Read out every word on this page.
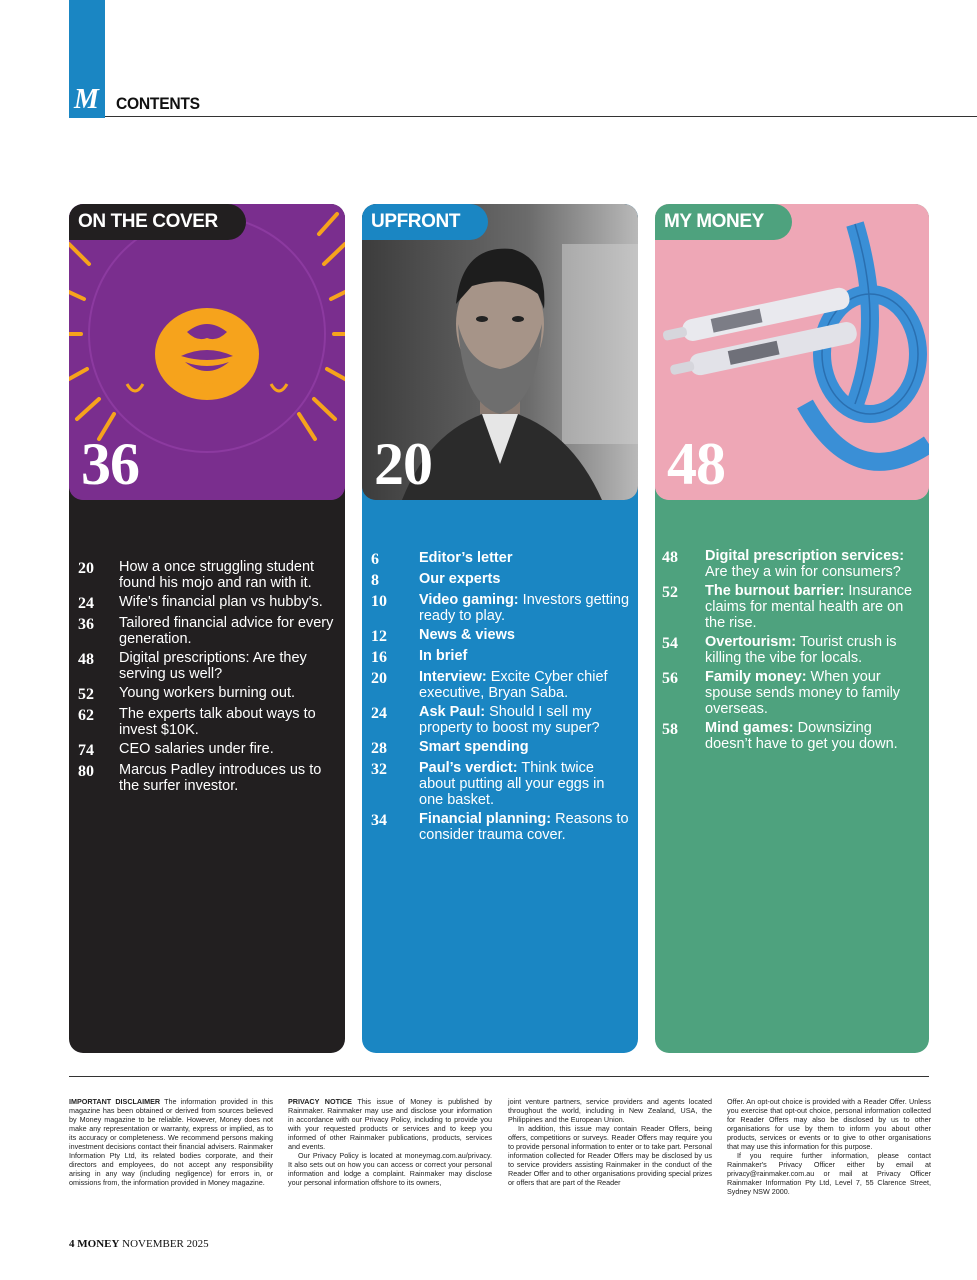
M CONTENTS
ON THE COVER
36
20	How a once struggling student found his mojo and ran with it.
24	Wife's financial plan vs hubby's.
36	Tailored financial advice for every generation.
48	Digital prescriptions: Are they serving us well?
52	Young workers burning out.
62	The experts talk about ways to invest $10K.
74	CEO salaries under fire.
80	Marcus Padley introduces us to the surfer investor.
UPFRONT
20
6	Editor’s letter
8	Our experts
10	Video gaming: Investors getting ready to play.
12	News & views
16	In brief
20	Interview: Excite Cyber chief executive, Bryan Saba.
24	Ask Paul: Should I sell my property to boost my super?
28	Smart spending
32	Paul’s verdict: Think twice about putting all your eggs in one basket.
34	Financial planning: Reasons to consider trauma cover.
MY MONEY
48
48	Digital prescription services: Are they a win for consumers?
52	The burnout barrier: Insurance claims for mental health are on the rise.
54	Overtourism: Tourist crush is killing the vibe for locals.
56	Family money: When your spouse sends money to family overseas.
58	Mind games: Downsizing doesn’t have to get you down.

IMPORTANT DISCLAIMER The information provided in this magazine has been obtained or derived from sources believed by Money magazine to be reliable. However, Money does not make any representation or warranty, express or implied, as to its accuracy or completeness. We recommend persons making investment decisions contact their financial advisers. Rainmaker Information Pty Ltd, its related bodies corporate, and their directors and employees, do not accept any responsibility arising in any way (including negligence) for errors in, or omissions from, the information provided in Money magazine.

PRIVACY NOTICE This issue of Money is published by Rainmaker. Rainmaker may use and disclose your information in accordance with our Privacy Policy, including to provide you with your requested products or services and to keep you informed of other Rainmaker publications, products, services and events.

Our Privacy Policy is located at moneymag.com.au/privacy. It also sets out on how you can access or correct your personal information and lodge a complaint. Rainmaker may disclose your personal information offshore to its owners,

joint venture partners, service providers and agents located throughout the world, including in New Zealand, USA, the Philippines and the European Union.

In addition, this issue may contain Reader Offers, being offers, competitions or surveys. Reader Offers may require you to provide personal information to enter or to take part. Personal information collected for Reader Offers may be disclosed by us to service providers assisting Rainmaker in the conduct of the Reader Offer and to other organisations providing special prizes or offers that are part of the Reader

Offer. An opt-out choice is provided with a Reader Offer. Unless you exercise that opt-out choice, personal information collected for Reader Offers may also be disclosed by us to other organisations for use by them to inform you about other products, services or events or to give to other organisations that may use this information for this purpose.

If you require further information, please contact Rainmaker's Privacy Officer either by email at privacy@rainmaker.com.au or mail at Privacy Officer Rainmaker Information Pty Ltd, Level 7, 55 Clarence Street, Sydney NSW 2000.

4 MONEY NOVEMBER 2025
